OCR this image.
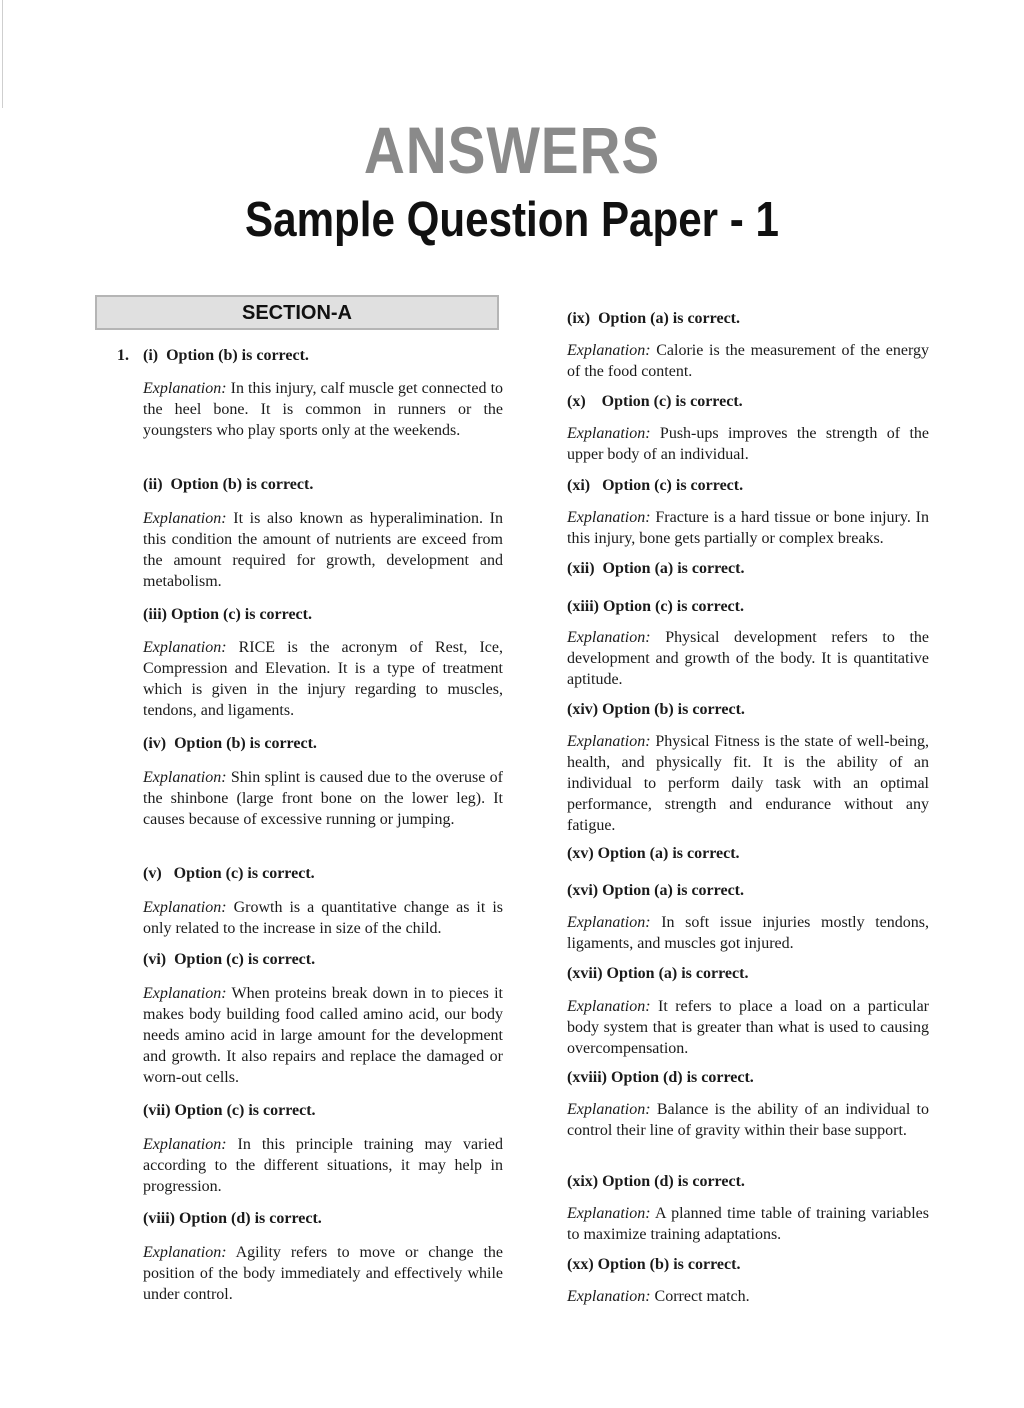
ANSWERS
Sample Question Paper - 1
SECTION-A
1. (i)  Option (b) is correct.
Explanation: In this injury, calf muscle get connected to the heel bone. It is common in runners or the youngsters who play sports only at the weekends.
(ii)  Option (b) is correct.
Explanation: It is also known as hyperalimination. In this condition the amount of nutrients are exceed from the amount required for growth, development and metabolism.
(iii) Option (c) is correct.
Explanation: RICE is the acronym of Rest, Ice, Compression and Elevation. It is a type of treatment which is given in the injury regarding to muscles, tendons, and ligaments.
(iv)  Option (b) is correct.
Explanation: Shin splint is caused due to the overuse of the shinbone (large front bone on the lower leg). It causes because of excessive running or jumping.
(v)   Option (c) is correct.
Explanation: Growth is a quantitative change as it is only related to the increase in size of the child.
(vi)  Option (c) is correct.
Explanation: When proteins break down in to pieces it makes body building food called amino acid, our body needs amino acid in large amount for the development and growth. It also repairs and replace the damaged or worn-out cells.
(vii) Option (c) is correct.
Explanation: In this principle training may varied according to the different situations, it may help in progression.
(viii) Option (d) is correct.
Explanation: Agility refers to move or change the position of the body immediately and effectively while under control.
(ix)  Option (a) is correct.
Explanation: Calorie is the measurement of the energy of the food content.
(x)    Option (c) is correct.
Explanation: Push-ups improves the strength of the upper body of an individual.
(xi)   Option (c) is correct.
Explanation: Fracture is a hard tissue or bone injury. In this injury, bone gets partially or complex breaks.
(xii)  Option (a) is correct.
(xiii) Option (c) is correct.
Explanation: Physical development refers to the development and growth of the body. It is quantitative aptitude.
(xiv) Option (b) is correct.
Explanation: Physical Fitness is the state of well-being, health, and physically fit. It is the ability of an individual to perform daily task with an optimal performance, strength and endurance without any fatigue.
(xv) Option (a) is correct.
(xvi) Option (a) is correct.
Explanation: In soft issue injuries mostly tendons, ligaments, and muscles got injured.
(xvii) Option (a) is correct.
Explanation: It refers to place a load on a particular body system that is greater than what is used to causing overcompensation.
(xviii) Option (d) is correct.
Explanation: Balance is the ability of an individual to control their line of gravity within their base support.
(xix) Option (d) is correct.
Explanation: A planned time table of training variables to maximize training adaptations.
(xx) Option (b) is correct.
Explanation: Correct match.
